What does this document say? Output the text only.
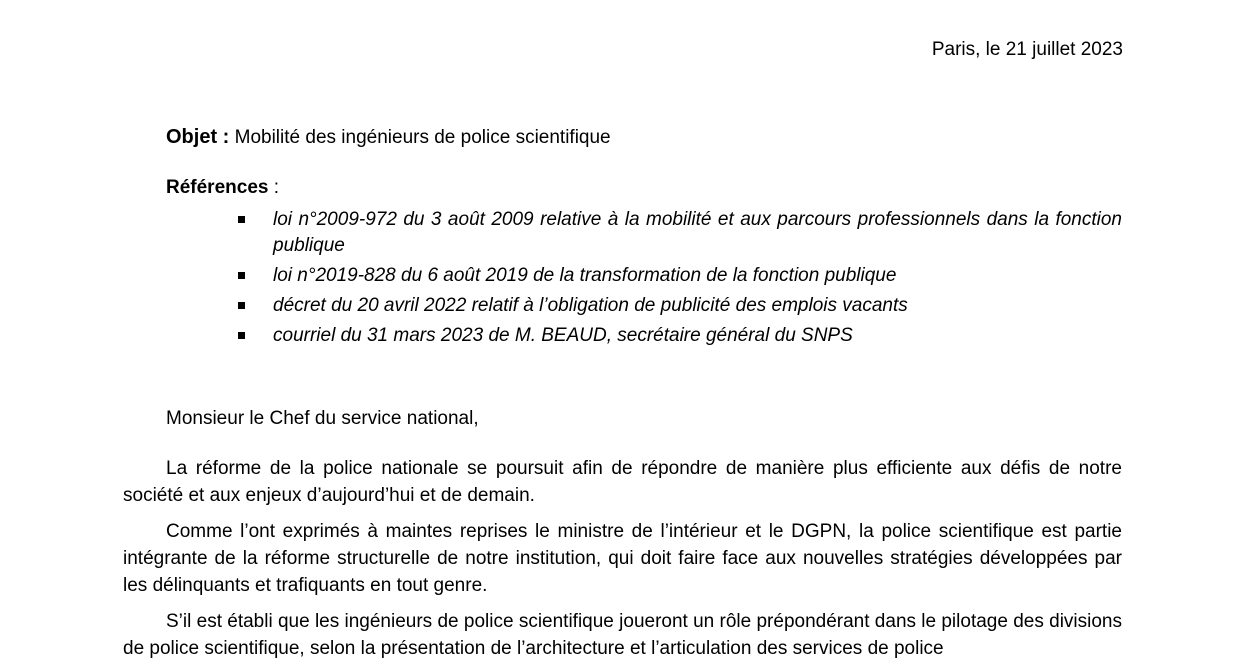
Paris, le 21 juillet 2023
Objet : Mobilité des ingénieurs de police scientifique
Références :
loi n°2009-972 du 3 août 2009 relative à la mobilité et aux parcours professionnels dans la fonction publique
loi n°2019-828 du 6 août 2019 de la transformation de la fonction publique
décret du 20 avril 2022 relatif à l’obligation de publicité des emplois vacants
courriel du 31 mars 2023 de M. BEAUD, secrétaire général du SNPS
Monsieur le Chef du service national,

La réforme de la police nationale se poursuit afin de répondre de manière plus efficiente aux défis de notre société et aux enjeux d’aujourd’hui et de demain.

Comme l’ont exprimés à maintes reprises le ministre de l’intérieur et le DGPN, la police scientifique est partie intégrante de la réforme structurelle de notre institution, qui doit faire face aux nouvelles stratégies développées par les délinquants et trafiquants en tout genre.

S’il est établi que les ingénieurs de police scientifique joueront un rôle prépondérant dans le pilotage des divisions de police scientifique, selon la présentation de l’architecture et l’articulation des services de police
